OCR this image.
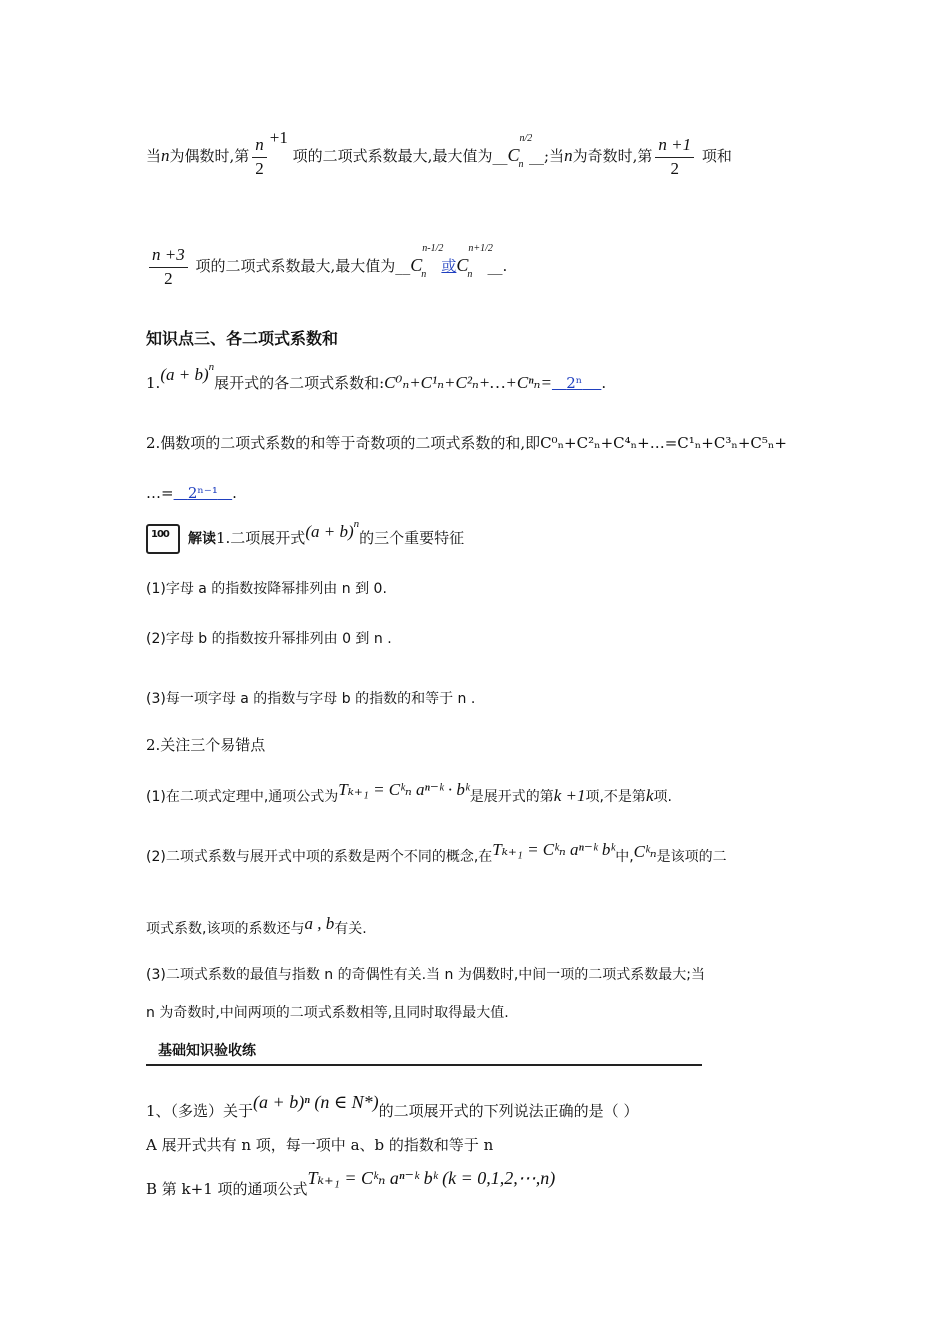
当n为偶数时,第 $\frac{n}{2} +1$ 项的二项式系数最大,最大值为__C
n
n/2
__;当n为奇数时,第 $\frac{n +1}{2}$ 项和
$\frac{n +3}{2}$ 项的二项式系数最大,最大值为__C
n
n-1/2
或C
n
n+1/2
__.
知识点三、各二项式系数和
$1.(a + b)^n$展开式的各二项式系数和:C⁰ₙ+C¹ₙ+C²ₙ+…+Cⁿₙ= 2ⁿ .
2.偶数项的二项式系数的和等于奇数项的二项式系数的和,即C⁰ₙ+C²ₙ+C⁴ₙ+…=C¹ₙ+C³ₙ+C⁵ₙ+
…= 2ⁿ⁻¹ .
100解读1.二项展开式$(a + b)^n$的三个重要特征
(1)字母 a 的指数按降幂排列由 n 到 0.
(2)字母 b 的指数按升幂排列由 0 到 n .
(3)每一项字母 a 的指数与字母 b 的指数的和等于 n .
2.关注三个易错点
(1)在二项式定理中,通项公式为Tₖ₊₁ = Cᵏₙ aⁿ⁻ᵏ · bᵏ是展开式的第k +1项,不是第k项.
(2)二项式系数与展开式中项的系数是两个不同的概念,在Tₖ₊₁ = Cᵏₙ aⁿ⁻ᵏ bᵏ中,Cᵏₙ是该项的二
项式系数,该项的系数还与a , b有关.
(3)二项式系数的最值与指数 n 的奇偶性有关.当 n 为偶数时,中间一项的二项式系数最大;当
n 为奇数时,中间两项的二项式系数相等,且同时取得最大值.
基础知识验收练
1、（多选）关于(a + b)ⁿ (n ∈ N*)的二项展开式的下列说法正确的是（ ）
A 展开式共有 n 项，每一项中 a、b 的指数和等于 n
B 第 k+1 项的通项公式Tₖ₊₁ = Cᵏₙ aⁿ⁻ᵏ bᵏ (k = 0,1,2,⋯,n)
